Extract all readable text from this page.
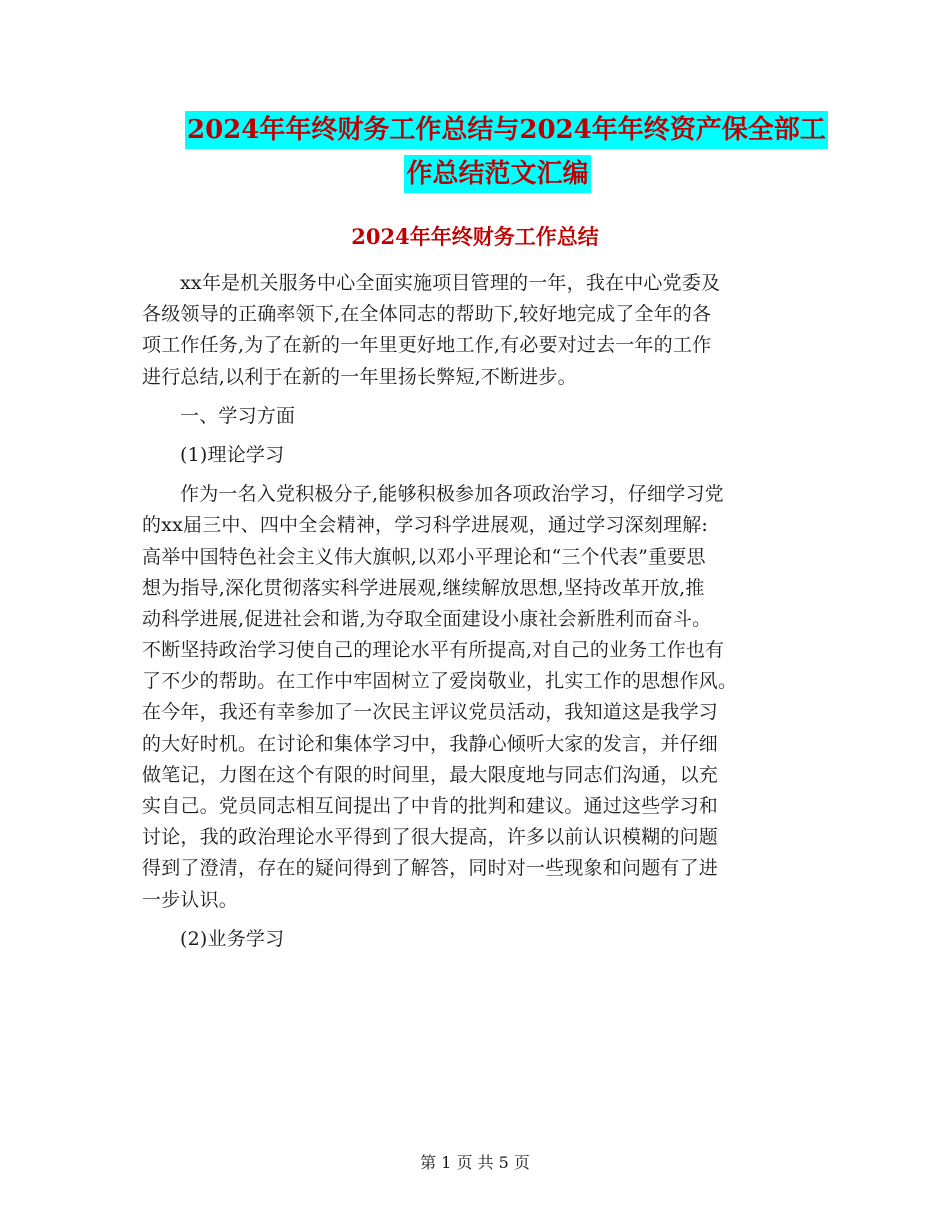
2024年年终财务工作总结与2024年年终资产保全部工
作总结范文汇编
2024年年终财务工作总结
xx年是机关服务中心全面实施项目管理的一年，我在中心党委及
各级领导的正确率领下,在全体同志的帮助下,较好地完成了全年的各
项工作任务,为了在新的一年里更好地工作,有必要对过去一年的工作
进行总结,以利于在新的一年里扬长弊短,不断进步。
一、学习方面
(1)理论学习
作为一名入党积极分子,能够积极参加各项政治学习，仔细学习党
的xx届三中、四中全会精神，学习科学进展观，通过学习深刻理解:
高举中国特色社会主义伟大旗帜,以邓小平理论和“三个代表”重要思
想为指导,深化贯彻落实科学进展观,继续解放思想,坚持改革开放,推
动科学进展,促进社会和谐,为夺取全面建设小康社会新胜利而奋斗。
不断坚持政治学习使自己的理论水平有所提高,对自己的业务工作也有
了不少的帮助。在工作中牢固树立了爱岗敬业，扎实工作的思想作风。
在今年，我还有幸参加了一次民主评议党员活动，我知道这是我学习
的大好时机。在讨论和集体学习中，我静心倾听大家的发言，并仔细
做笔记，力图在这个有限的时间里，最大限度地与同志们沟通，以充
实自己。党员同志相互间提出了中肯的批判和建议。通过这些学习和
讨论，我的政治理论水平得到了很大提高，许多以前认识模糊的问题
得到了澄清，存在的疑问得到了解答，同时对一些现象和问题有了进
一步认识。
(2)业务学习
第 1 页 共 5 页
